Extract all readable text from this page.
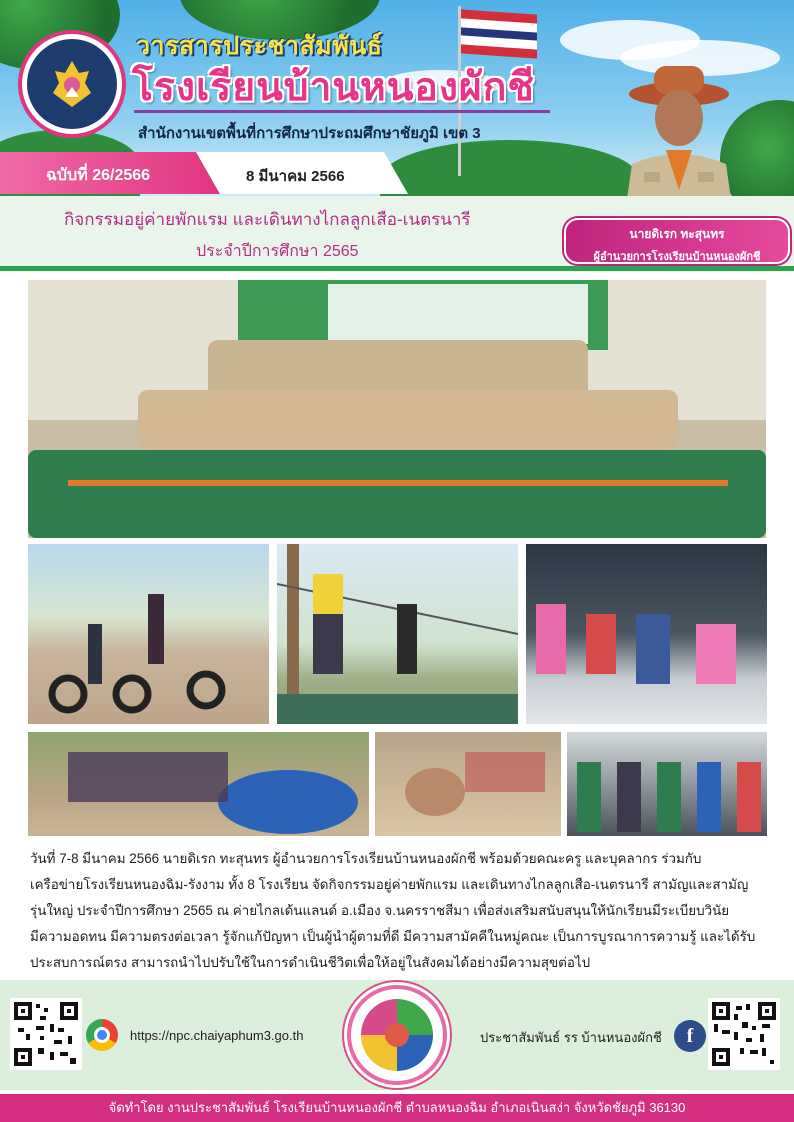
วารสารประชาสัมพันธ์
โรงเรียนบ้านหนองผักชี
สำนักงานเขตพื้นที่การศึกษาประถมศึกษาชัยภูมิ เขต 3
ฉบับที่ 26/2566	8 มีนาคม 2566
กิจกรรมอยู่ค่ายพักแรม และเดินทางไกลลูกเสือ-เนตรนารี
ประจำปีการศึกษา 2565
นายดิเรก ทะสุนทร
ผู้อำนวยการโรงเรียนบ้านหนองผักชี
วันที่ 7-8 มีนาคม 2566 นายดิเรก ทะสุนทร ผู้อำนวยการโรงเรียนบ้านหนองผักชี พร้อมด้วยคณะครู และบุคลากร ร่วมกับ
เครือข่ายโรงเรียนหนองฉิม-รังงาม ทั้ง 8 โรงเรียน จัดกิจกรรมอยู่ค่ายพักแรม และเดินทางไกลลูกเสือ-เนตรนารี สามัญและสามัญ
รุ่นใหญ่ ประจำปีการศึกษา 2565 ณ ค่ายไกลเด้นแลนด์ อ.เมือง จ.นครราชสีมา เพื่อส่งเสริมสนับสนุนให้นักเรียนมีระเบียบวินัย
มีความอดทน มีความตรงต่อเวลา รู้จักแก้ปัญหา เป็นผู้นำผู้ตามที่ดี มีความสามัคคีในหมู่คณะ เป็นการบูรณาการความรู้ และได้รับ
ประสบการณ์ตรง สามารถนำไปปรับใช้ในการดำเนินชีวิตเพื่อให้อยู่ในสังคมได้อย่างมีความสุขต่อไป
https://npc.chaiyaphum3.go.th	ประชาสัมพันธ์ รร บ้านหนองผักชี	f
จัดทำโดย งานประชาสัมพันธ์ โรงเรียนบ้านหนองผักชี ตำบลหนองฉิม อำเภอเนินสง่า จังหวัดชัยภูมิ 36130
